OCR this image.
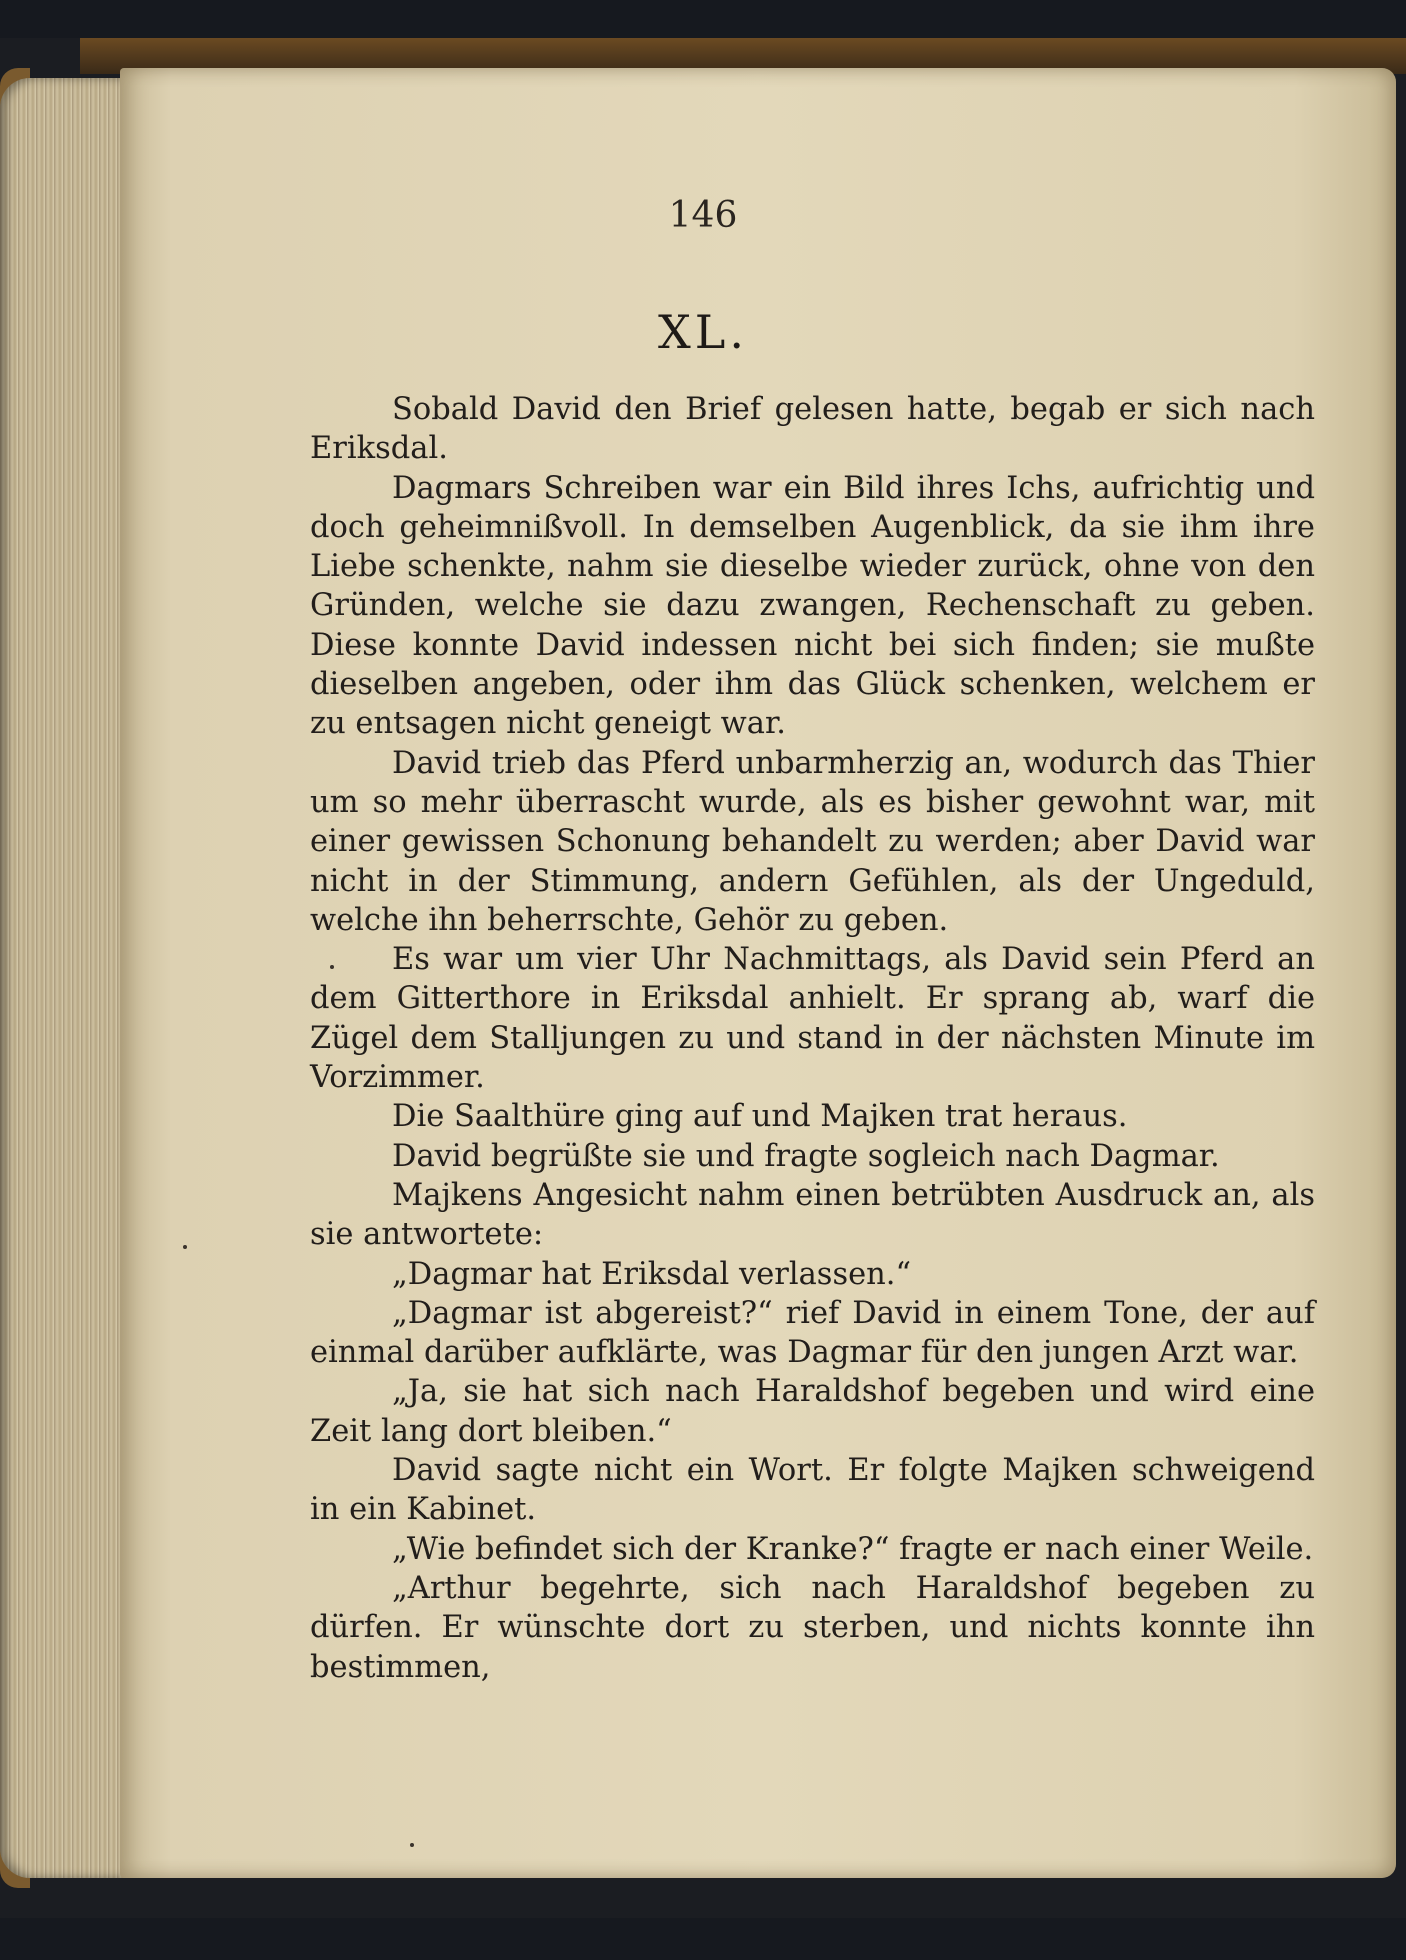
146
XL.

Sobald David den Brief gelesen hatte, begab er sich nach Eriksdal.

Dagmars Schreiben war ein Bild ihres Ichs, aufrichtig und doch geheimnißvoll. In demselben Augenblick, da sie ihm ihre Liebe schenkte, nahm sie dieselbe wieder zurück, ohne von den Gründen, welche sie dazu zwangen, Rechenschaft zu geben. Diese konnte David indessen nicht bei sich finden; sie mußte dieselben angeben, oder ihm das Glück schenken, welchem er zu entsagen nicht geneigt war.

David trieb das Pferd unbarmherzig an, wodurch das Thier um so mehr überrascht wurde, als es bisher gewohnt war, mit einer gewissen Schonung behandelt zu werden; aber David war nicht in der Stimmung, andern Gefühlen, als der Ungeduld, welche ihn beherrschte, Gehör zu geben.

Es war um vier Uhr Nachmittags, als David sein Pferd an dem Gitterthore in Eriksdal anhielt. Er sprang ab, warf die Zügel dem Stalljungen zu und stand in der nächsten Minute im Vorzimmer.

Die Saalthüre ging auf und Majken trat heraus.

David begrüßte sie und fragte sogleich nach Dagmar.

Majkens Angesicht nahm einen betrübten Ausdruck an, als sie antwortete:

„Dagmar hat Eriksdal verlassen.“

„Dagmar ist abgereist?“ rief David in einem Tone, der auf einmal darüber aufklärte, was Dagmar für den jungen Arzt war.

„Ja, sie hat sich nach Haraldshof begeben und wird eine Zeit lang dort bleiben.“

David sagte nicht ein Wort. Er folgte Majken schweigend in ein Kabinet.

„Wie befindet sich der Kranke?“ fragte er nach einer Weile.

„Arthur begehrte, sich nach Haraldshof begeben zu dürfen. Er wünschte dort zu sterben, und nichts konnte ihn bestimmen,
